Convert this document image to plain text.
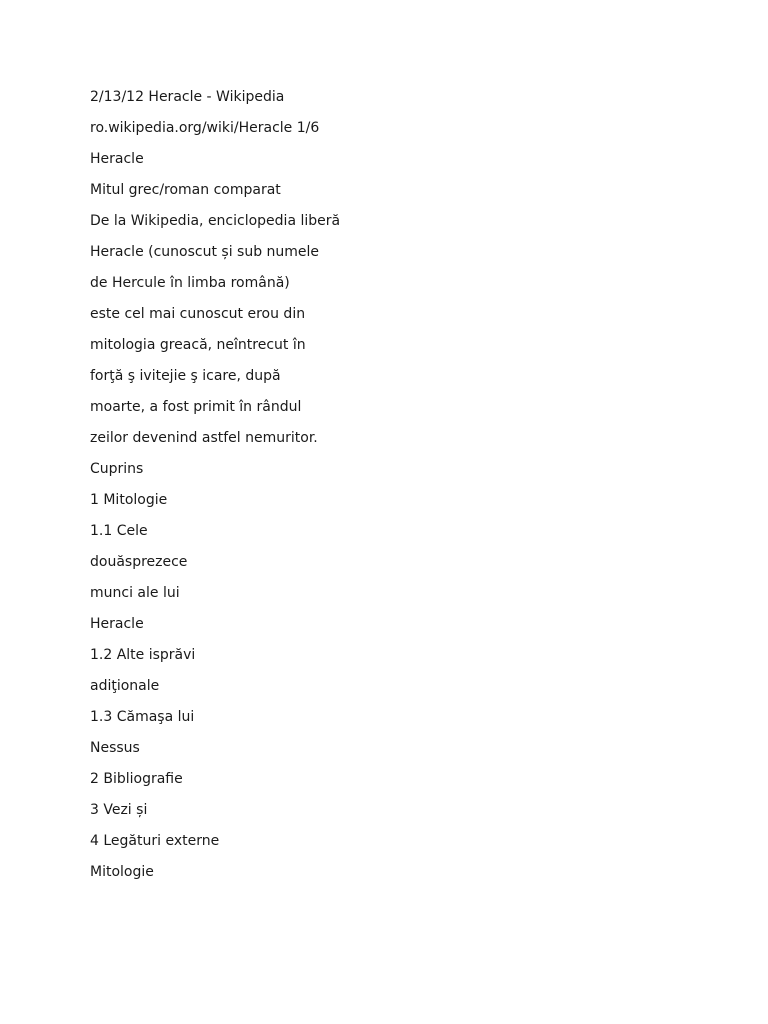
2/13/12 Heracle - Wikipedia
ro.wikipedia.org/wiki/Heracle 1/6
Heracle
Mitul grec/roman comparat
De la Wikipedia, enciclopedia liberă
Heracle (cunoscut și sub numele
de Hercule în limba română)
este cel mai cunoscut erou din
mitologia greacă, neîntrecut în
forţă ş ivitejie ş icare, după
moarte, a fost primit în rândul
zeilor devenind astfel nemuritor.
Cuprins
1 Mitologie
1.1 Cele
douăsprezece
munci ale lui
Heracle
1.2 Alte isprăvi
adiţionale
1.3 Cămaşa lui
Nessus
2 Bibliografie
3 Vezi și
4 Legături externe
Mitologie
